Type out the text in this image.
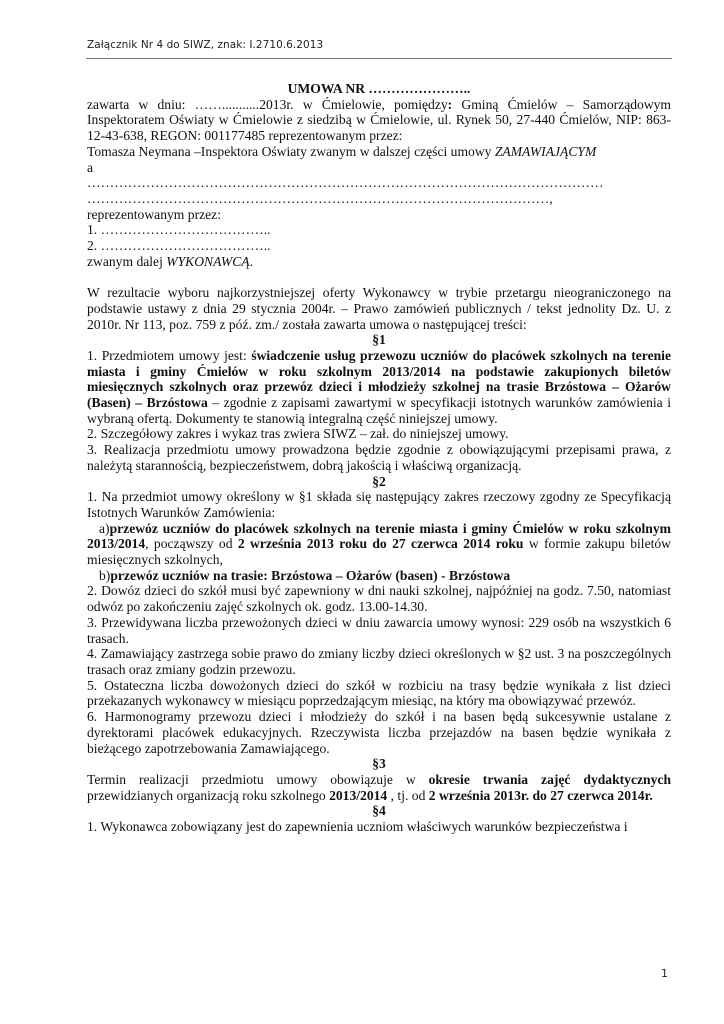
Załącznik Nr 4 do SIWZ, znak: I.2710.6.2013

UMOWA NR …………………..

zawarta w dniu: ……...........2013r. w Ćmielowie, pomiędzy: Gminą Ćmielów – Samorządowym Inspektoratem Oświaty w Ćmielowie z siedzibą w Ćmielowie, ul. Rynek 50, 27-440 Ćmielów, NIP: 863-12-43-638, REGON: 001177485 reprezentowanym przez:

Tomasza Neymana –Inspektora Oświaty zwanym w dalszej części umowy ZAMAWIAJĄCYM

a

……………………………………………………………………………………………………

…………………………………………………………………………………………,

reprezentowanym przez:

1. ………………………………..

2. ………………………………..

zwanym dalej WYKONAWCĄ.

W rezultacie wyboru najkorzystniejszej oferty Wykonawcy w trybie przetargu nieograniczonego na podstawie ustawy z dnia 29 stycznia 2004r. – Prawo zamówień publicznych / tekst jednolity Dz. U. z 2010r. Nr 113, poz. 759 z póź. zm./ została zawarta umowa o następującej treści:

§1

1. Przedmiotem umowy jest: świadczenie usług przewozu uczniów do placówek szkolnych na terenie miasta i gminy Ćmielów w roku szkolnym 2013/2014 na podstawie zakupionych biletów miesięcznych szkolnych oraz przewóz dzieci i młodzieży szkolnej na trasie Brzóstowa – Ożarów (Basen) – Brzóstowa – zgodnie z zapisami zawartymi w specyfikacji istotnych warunków zamówienia i wybraną ofertą. Dokumenty te stanowią integralną część niniejszej umowy.

2. Szczegółowy zakres i wykaz tras zwiera SIWZ – zał. do niniejszej umowy.

3. Realizacja przedmiotu umowy prowadzona będzie zgodnie z obowiązującymi przepisami prawa, z należytą starannością, bezpieczeństwem, dobrą jakością i właściwą organizacją.

§2

1. Na przedmiot umowy określony w §1 składa się następujący zakres rzeczowy zgodny ze Specyfikacją Istotnych Warunków Zamówienia:

a)przewóz uczniów do placówek szkolnych na terenie miasta i gminy Ćmielów w roku szkolnym 2013/2014, począwszy od 2 września 2013 roku do 27 czerwca 2014 roku w formie zakupu biletów miesięcznych szkolnych,

b)przewóz uczniów na trasie: Brzóstowa – Ożarów (basen) - Brzóstowa

2. Dowóz dzieci do szkół musi być zapewniony w dni nauki szkolnej, najpóźniej na godz. 7.50, natomiast odwóz po zakończeniu zajęć szkolnych ok. godz. 13.00-14.30.

3. Przewidywana liczba przewożonych dzieci w dniu zawarcia umowy wynosi: 229 osób na wszystkich 6 trasach.

4. Zamawiający zastrzega sobie prawo do zmiany liczby dzieci określonych w §2 ust. 3 na poszczególnych trasach oraz zmiany godzin przewozu.

5. Ostateczna liczba dowożonych dzieci do szkół w rozbiciu na trasy będzie wynikała z list dzieci przekazanych wykonawcy w miesiącu poprzedzającym miesiąc, na który ma obowiązywać przewóz.

6. Harmonogramy przewozu dzieci i młodzieży do szkół i na basen będą sukcesywnie ustalane z dyrektorami placówek edukacyjnych. Rzeczywista liczba przejazdów na basen będzie wynikała z bieżącego zapotrzebowania Zamawiającego.

§3

Termin realizacji przedmiotu umowy obowiązuje w okresie trwania zajęć dydaktycznych przewidzianych organizacją roku szkolnego 2013/2014 , tj. od 2 września 2013r. do 27 czerwca 2014r.

§4

1. Wykonawca zobowiązany jest do zapewnienia uczniom właściwych warunków bezpieczeństwa i

1
